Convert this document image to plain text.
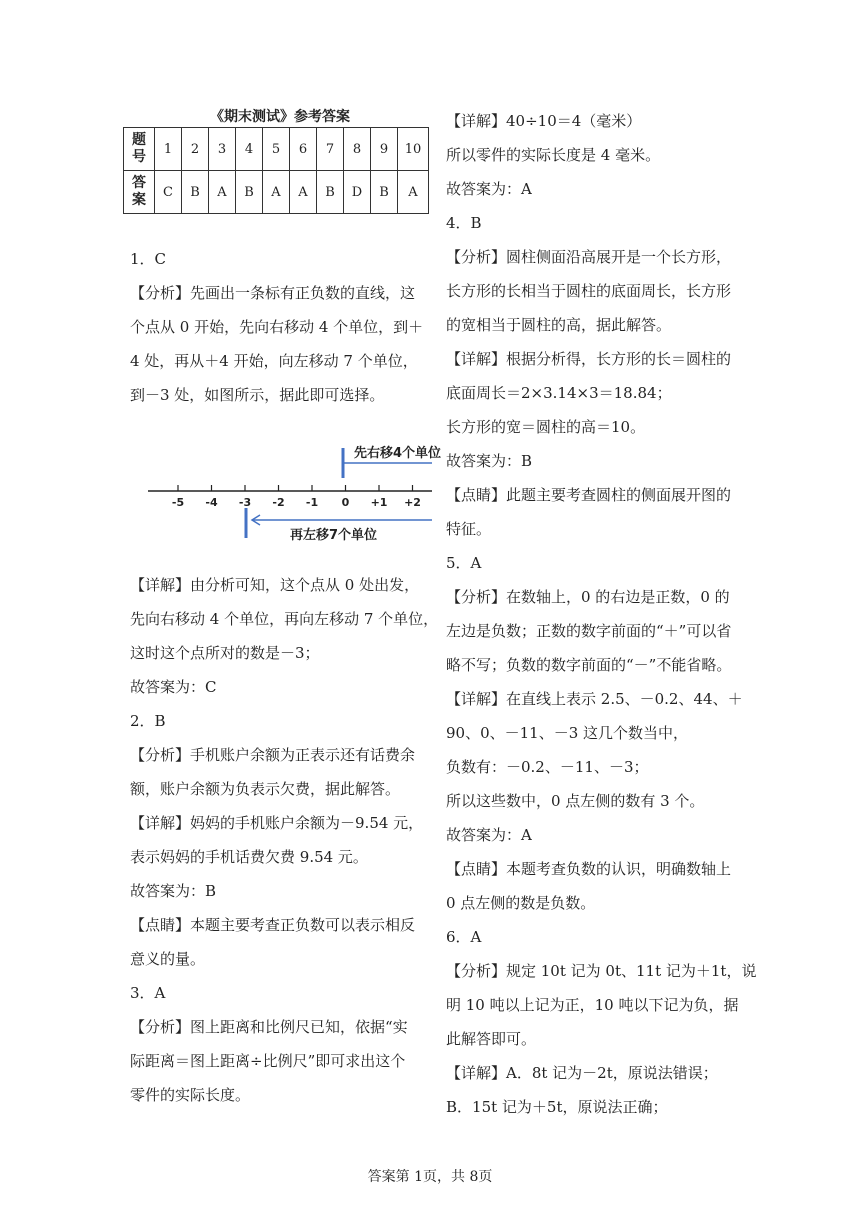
《期末测试》参考答案
题
号	1	2	3	4	5	6	7	8	9	10

答
案	C	B	A	B	A	A	B	D	B	A
1．C
【分析】先画出一条标有正负数的直线，这
个点从 0 开始，先向右移动 4 个单位，到＋
4 处，再从＋4 开始，向左移动 7 个单位，
到－3 处，如图所示，据此即可选择。
【详解】由分析可知，这个点从 0 处出发，
先向右移动 4 个单位，再向左移动 7 个单位，
这时这个点所对的数是－3；
故答案为：C
2．B
【分析】手机账户余额为正表示还有话费余
额，账户余额为负表示欠费，据此解答。
【详解】妈妈的手机账户余额为－9.54 元，
表示妈妈的手机话费欠费 9.54 元。
故答案为：B
【点睛】本题主要考查正负数可以表示相反
意义的量。
3．A
【分析】图上距离和比例尺已知，依据“实
际距离＝图上距离÷比例尺”即可求出这个
零件的实际长度。
-5 -4 -3 -2 -1 0 +1 +2
先右移4个单位
再左移7个单位
【详解】40÷10＝4（毫米）
所以零件的实际长度是 4 毫米。
故答案为：A
4．B
【分析】圆柱侧面沿高展开是一个长方形，
长方形的长相当于圆柱的底面周长，长方形
的宽相当于圆柱的高，据此解答。
【详解】根据分析得，长方形的长＝圆柱的
底面周长＝2×3.14×3＝18.84；
长方形的宽＝圆柱的高＝10。
故答案为：B
【点睛】此题主要考查圆柱的侧面展开图的
特征。
5．A
【分析】在数轴上，0 的右边是正数，0 的
左边是负数；正数的数字前面的“＋”可以省
略不写；负数的数字前面的“－”不能省略。
【详解】在直线上表示 2.5、－0.2、44、＋
90、0、－11、－3 这几个数当中，
负数有：－0.2、－11、－3；
所以这些数中，0 点左侧的数有 3 个。
故答案为：A
【点睛】本题考查负数的认识，明确数轴上
0 点左侧的数是负数。
6．A
【分析】规定 10t 记为 0t、11t 记为＋1t，说
明 10 吨以上记为正，10 吨以下记为负，据
此解答即可。
【详解】A．8t 记为－2t，原说法错误；
B．15t 记为＋5t，原说法正确；
答案第 1页，共 8页
